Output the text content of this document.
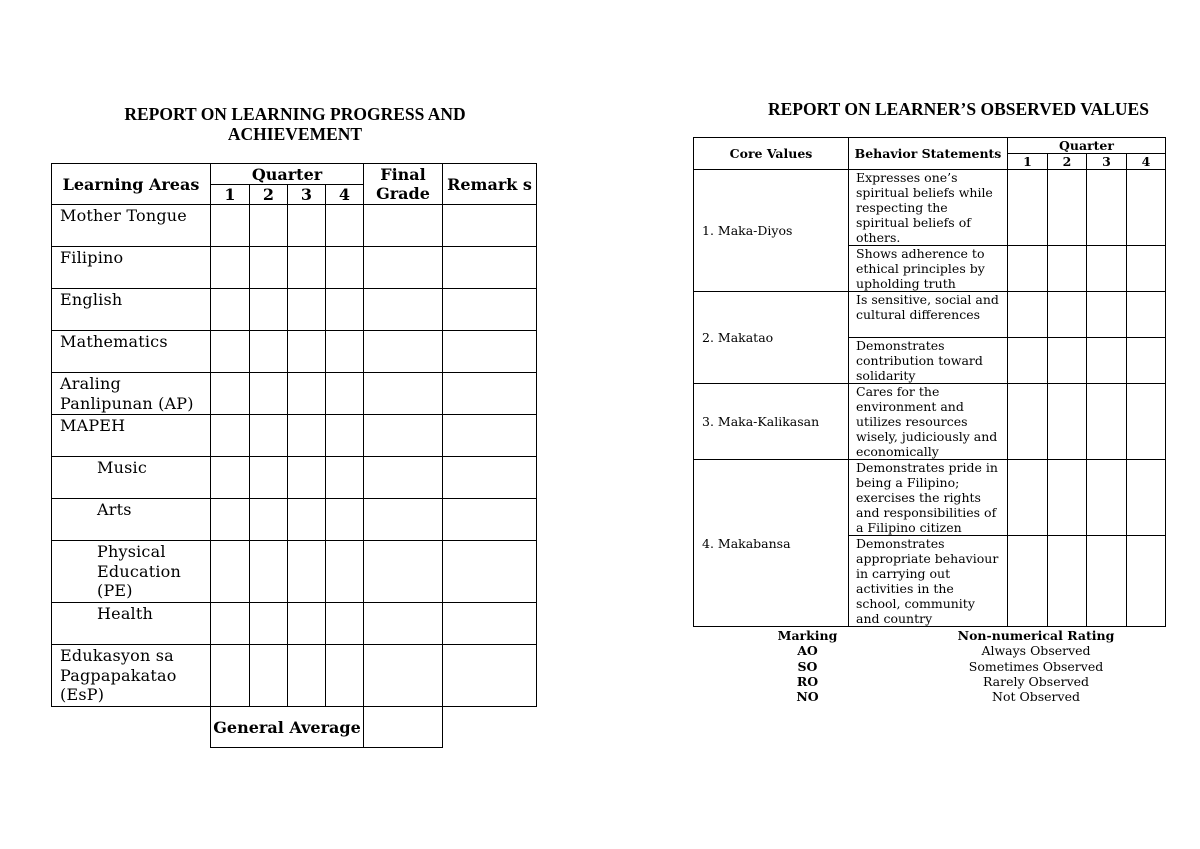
REPORT ON LEARNING PROGRESS AND ACHIEVEMENT
Learning Areas	Quarter				Final Grade	Remark s
	1	2	3	4		
Mother Tongue						
Filipino						
English						
Mathematics						
Araling Panlipunan (AP)						
MAPEH						
Music						
Arts						
Physical Education (PE)						
Health						
Edukasyon sa Pagpapakatao (EsP)						
	General Average					
REPORT ON LEARNER’S OBSERVED VALUES
Core Values	Behavior Statements	Quarter			
		1	2	3	4
1. Maka-Diyos	Expresses one’s spiritual beliefs while respecting the spiritual beliefs of others.				
	Shows adherence to ethical principles by upholding truth				
2. Makatao	Is sensitive, social and cultural differences				
	Demonstrates contribution toward solidarity				
3. Maka-Kalikasan	Cares for the environment and utilizes resources wisely, judiciously and economically				
4. Makabansa	Demonstrates pride in being a Filipino; exercises the rights and responsibilities of a Filipino citizen				
	Demonstrates appropriate behaviour in carrying out activities in the school, community and country				
Marking	Non-numerical Rating
AO	Always Observed
SO	Sometimes Observed
RO	Rarely Observed
NO	Not Observed
